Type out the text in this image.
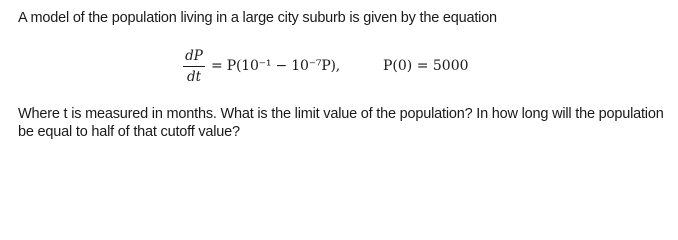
A model of the population living in a large city suburb is given by the equation

$\frac{dP}{dt} = P(10^{-1} - 10^{-7}P)$,	P(0) = 5000

Where t is measured in months. What is the limit value of the population? In how long will the population be equal to half of that cutoff value?
